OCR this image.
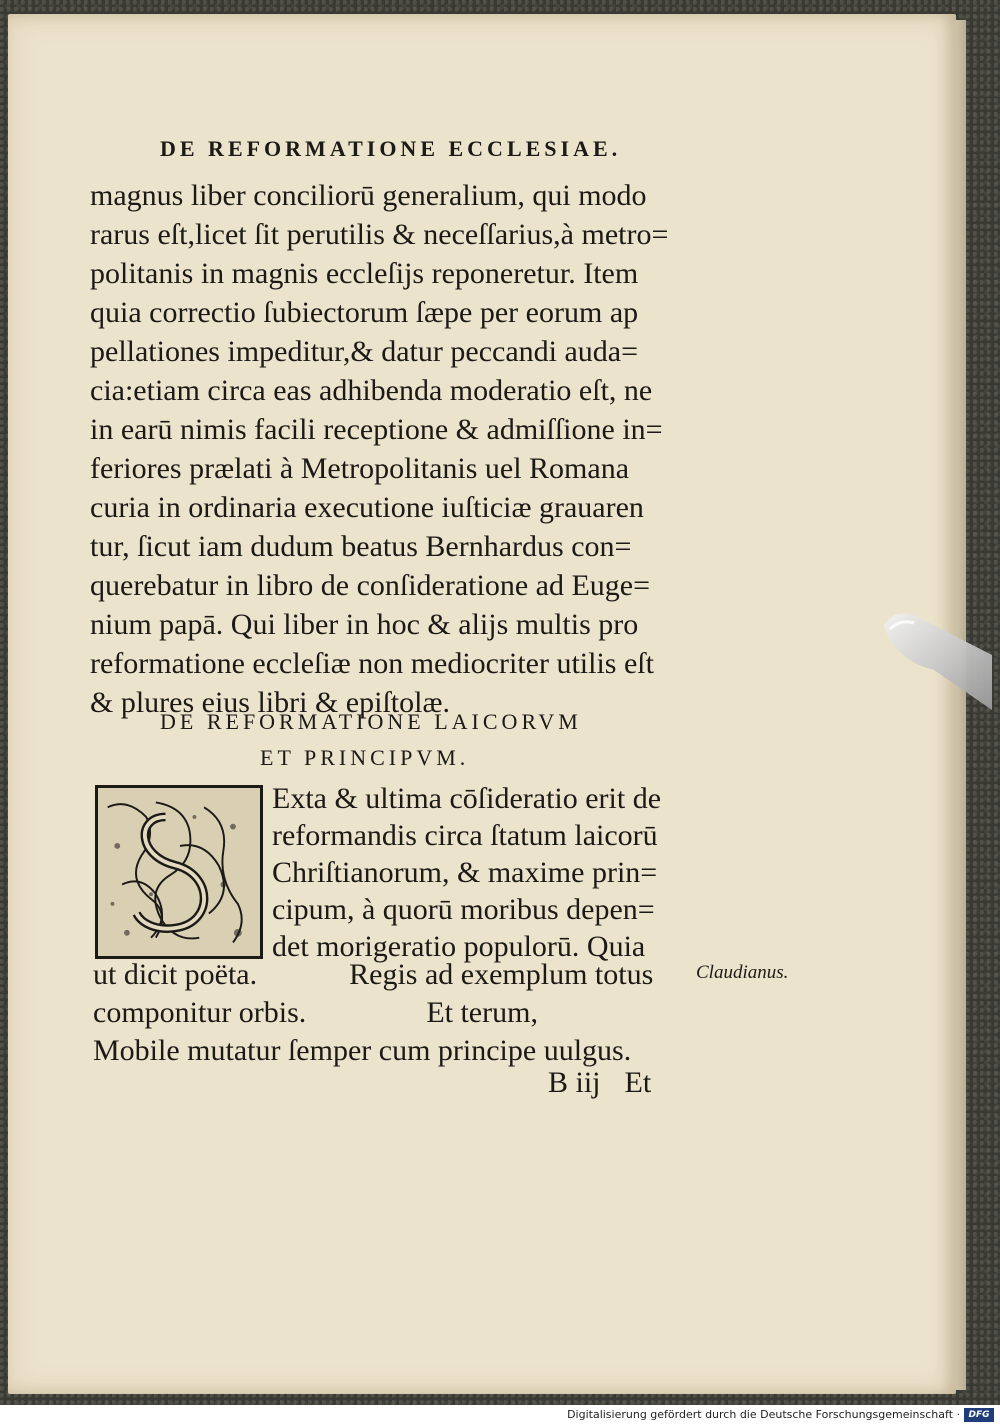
DE REFORMATIONE ECCLESIAE.
magnus liber conciliorū generalium, qui modo
rarus eſt,licet ſit perutilis & neceſſarius,à metro=
politanis in magnis eccleſijs reponeretur. Item
quia correctio ſubiectorum ſæpe per eorum ap
pellationes impeditur,& datur peccandi auda=
cia:etiam circa eas adhibenda moderatio eſt, ne
in earū nimis facili receptione & admiſſione in=
feriores prælati à Metropolitanis uel Romana
curia in ordinaria executione iuſticiæ grauaren
tur, ſicut iam dudum beatus Bernhardus con=
querebatur in libro de conſideratione ad Euge=
nium papā. Qui liber in hoc & alijs multis pro
reformatione eccleſiæ non mediocriter utilis eſt
& plures eius libri & epiſtolæ.
DE REFORMATIONE LAICORVM
ET PRINCIPVM.
Exta & ultima cōſideratio erit de
reformandis circa ſtatum laicorū
Chriſtianorum, & maxime prin=
cipum, à quorū moribus depen=
det morigeratio populorū. Quia
ut dicit poëta.	Regis ad exemplum totus
componitur orbis.	Et terum,
Mobile mutatur ſemper cum principe uulgus.
Claudianus.
B iij Et
Digitalisierung gefördert durch die Deutsche Forschungsgemeinschaft · DFG
